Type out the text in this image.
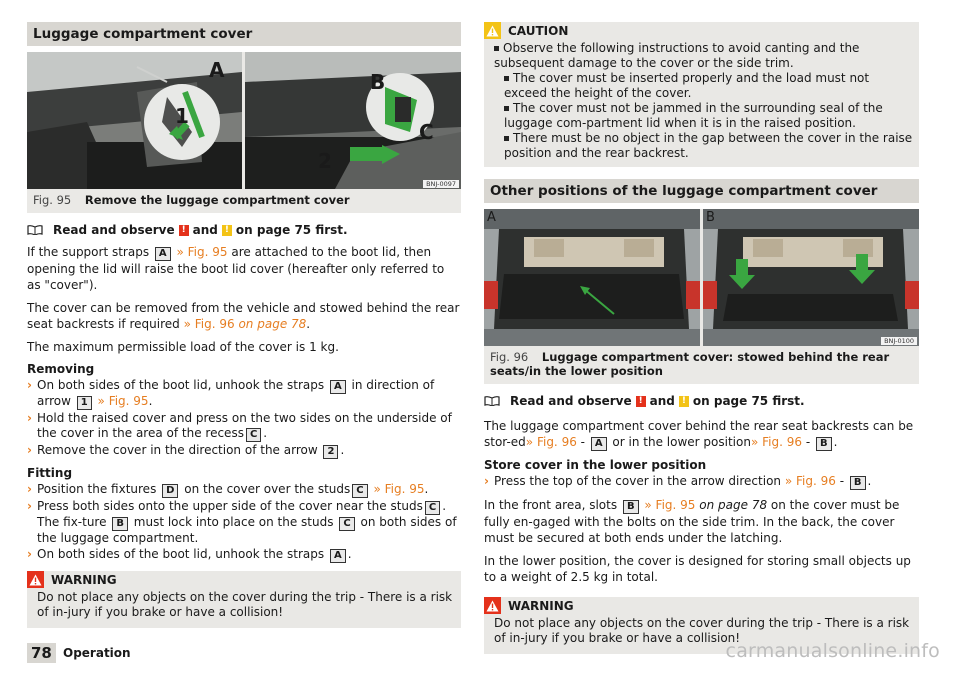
Luggage compartment cover
A
1
B
C
2
BNJ-0097
Fig. 95 Remove the luggage compartment cover
Read and observe ! and ! on page 75 first.

If the support straps A » Fig. 95 are attached to the boot lid, then opening the lid will raise the boot lid cover (hereafter only referred to as "cover").

The cover can be removed from the vehicle and stowed behind the rear seat backrests if required » Fig. 96 on page 78.

The maximum permissible load of the cover is 1 kg.

Removing
› On both sides of the boot lid, unhook the straps A in direction of arrow 1 » Fig. 95.
› Hold the raised cover and press on the two sides on the underside of the cover in the area of the recess C .
› Remove the cover in the direction of the arrow 2 .
Fitting
› Position the fixtures D on the cover over the studs C » Fig. 95.
› Press both sides onto the upper side of the cover near the studs C . The fix-ture B must lock into place on the studs C on both sides of the luggage compartment.
› On both sides of the boot lid, unhook the straps A .
WARNING
Do not place any objects on the cover during the trip - There is a risk of in-jury if you brake or have a collision!
CAUTION
Observe the following instructions to avoid canting and the subsequent damage to the cover or the side trim.
The cover must be inserted properly and the load must not exceed the height of the cover.
The cover must not be jammed in the surrounding seal of the luggage com-partment lid when it is in the raised position.
There must be no object in the gap between the cover in the raise position and the rear backrest.
Other positions of the luggage compartment cover
A	B
BNJ-0100
Fig. 96 Luggage compartment cover: stowed behind the rear seats/in the lower position
Read and observe ! and ! on page 75 first.

The luggage compartment cover behind the rear seat backrests can be stor-ed» Fig. 96 - A or in the lower position» Fig. 96 - B .

Store cover in the lower position
› Press the top of the cover in the arrow direction » Fig. 96 - B .

In the front area, slots B » Fig. 95 on page 78 on the cover must be fully en-gaged with the bolts on the side trim. In the back, the cover must be secured at both ends under the latching.

In the lower position, the cover is designed for storing small objects up to a weight of 2.5 kg in total.

WARNING
Do not place any objects on the cover during the trip - There is a risk of in-jury if you brake or have a collision!
78 Operation	carmanualsonline.info
